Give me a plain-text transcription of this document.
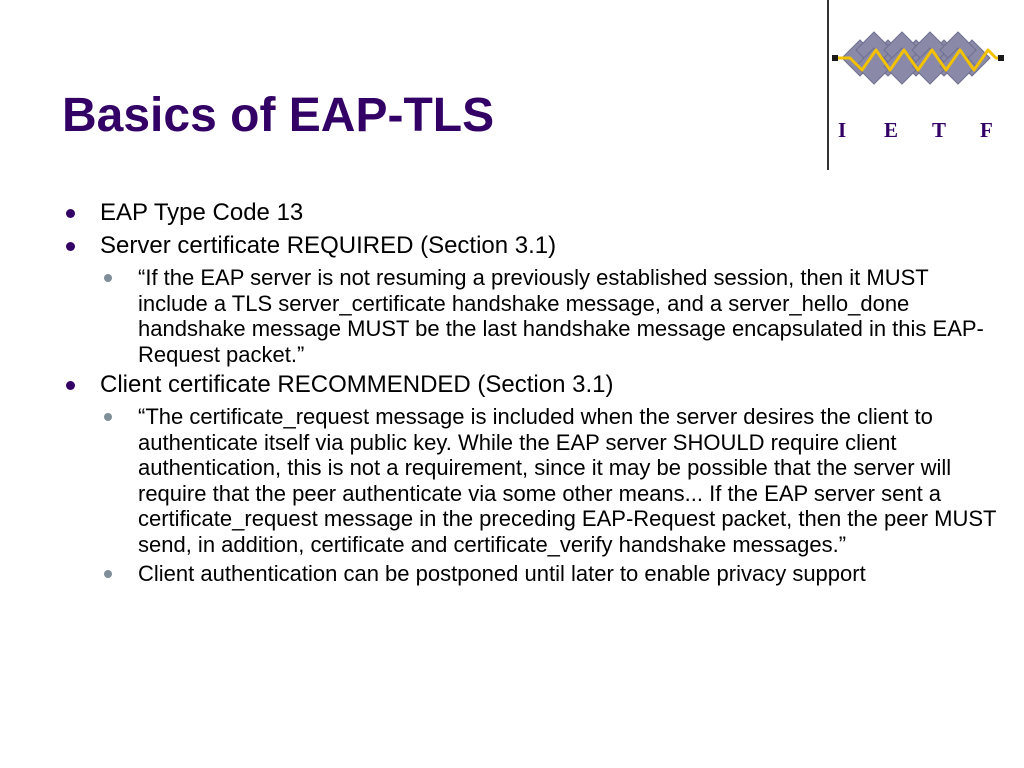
Basics of EAP-TLS	I E T F
EAP Type Code 13
Server certificate REQUIRED (Section 3.1)
“If the EAP server is not resuming a previously established session, then it MUST include a TLS server_certificate handshake message, and a server_hello_done handshake message MUST be the last handshake message encapsulated in this EAP-Request packet.”
Client certificate RECOMMENDED (Section 3.1)
“The certificate_request message is included when the server desires the client to authenticate itself via public key. While the EAP server SHOULD require client authentication, this is not a requirement, since it may be possible that the server will require that the peer authenticate via some other means... If the EAP server sent a certificate_request message in the preceding EAP-Request packet, then the peer MUST send, in addition, certificate and certificate_verify handshake messages.”
Client authentication can be postponed until later to enable privacy support
